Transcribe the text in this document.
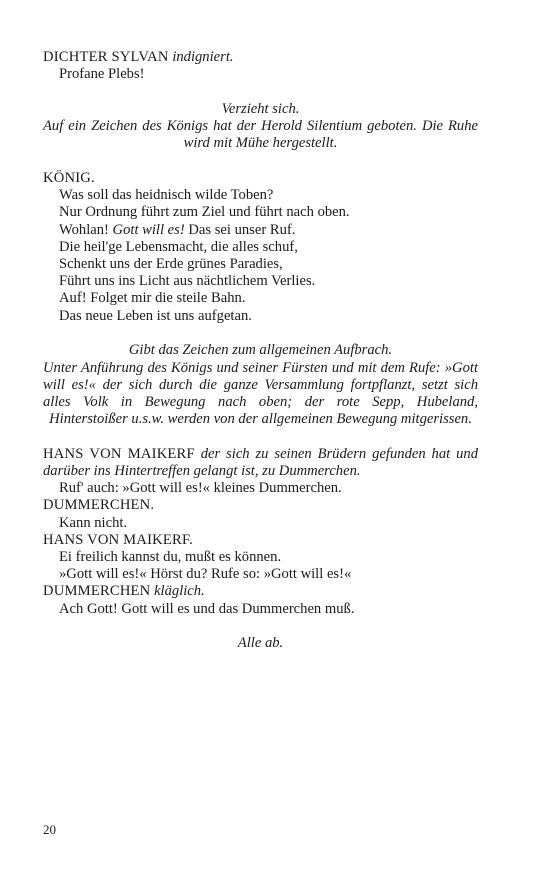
DICHTER SYLVAN indigniert.
Profane Plebs!
Verzieht sich.
Auf ein Zeichen des Königs hat der Herold Silentium geboten. Die Ruhe wird mit Mühe hergestellt.
KÖNIG.
Was soll das heidnisch wilde Toben?
Nur Ordnung führt zum Ziel und führt nach oben.
Wohlan! Gott will es! Das sei unser Ruf.
Die heil'ge Lebensmacht, die alles schuf,
Schenkt uns der Erde grünes Paradies,
Führt uns ins Licht aus nächtlichem Verlies.
Auf! Folget mir die steile Bahn.
Das neue Leben ist uns aufgetan.
Gibt das Zeichen zum allgemeinen Aufbrach.
Unter Anführung des Königs und seiner Fürsten und mit dem Rufe: »Gott will es!« der sich durch die ganze Versammlung fortpflanzt, setzt sich alles Volk in Bewegung nach oben; der rote Sepp, Hubeland, Hinterstoißer u.s.w. werden von der allgemeinen Bewegung mitgerissen.
HANS VON MAIKERF der sich zu seinen Brüdern gefunden hat und darüber ins Hintertreffen gelangt ist, zu Dummerchen.
Ruf' auch: »Gott will es!« kleines Dummerchen.
DUMMERCHEN.
Kann nicht.
HANS VON MAIKERF.
Ei freilich kannst du, mußt es können.
»Gott will es!« Hörst du? Rufe so: »Gott will es!«
DUMMERCHEN kläglich.
Ach Gott! Gott will es und das Dummerchen muß.
Alle ab.
20
